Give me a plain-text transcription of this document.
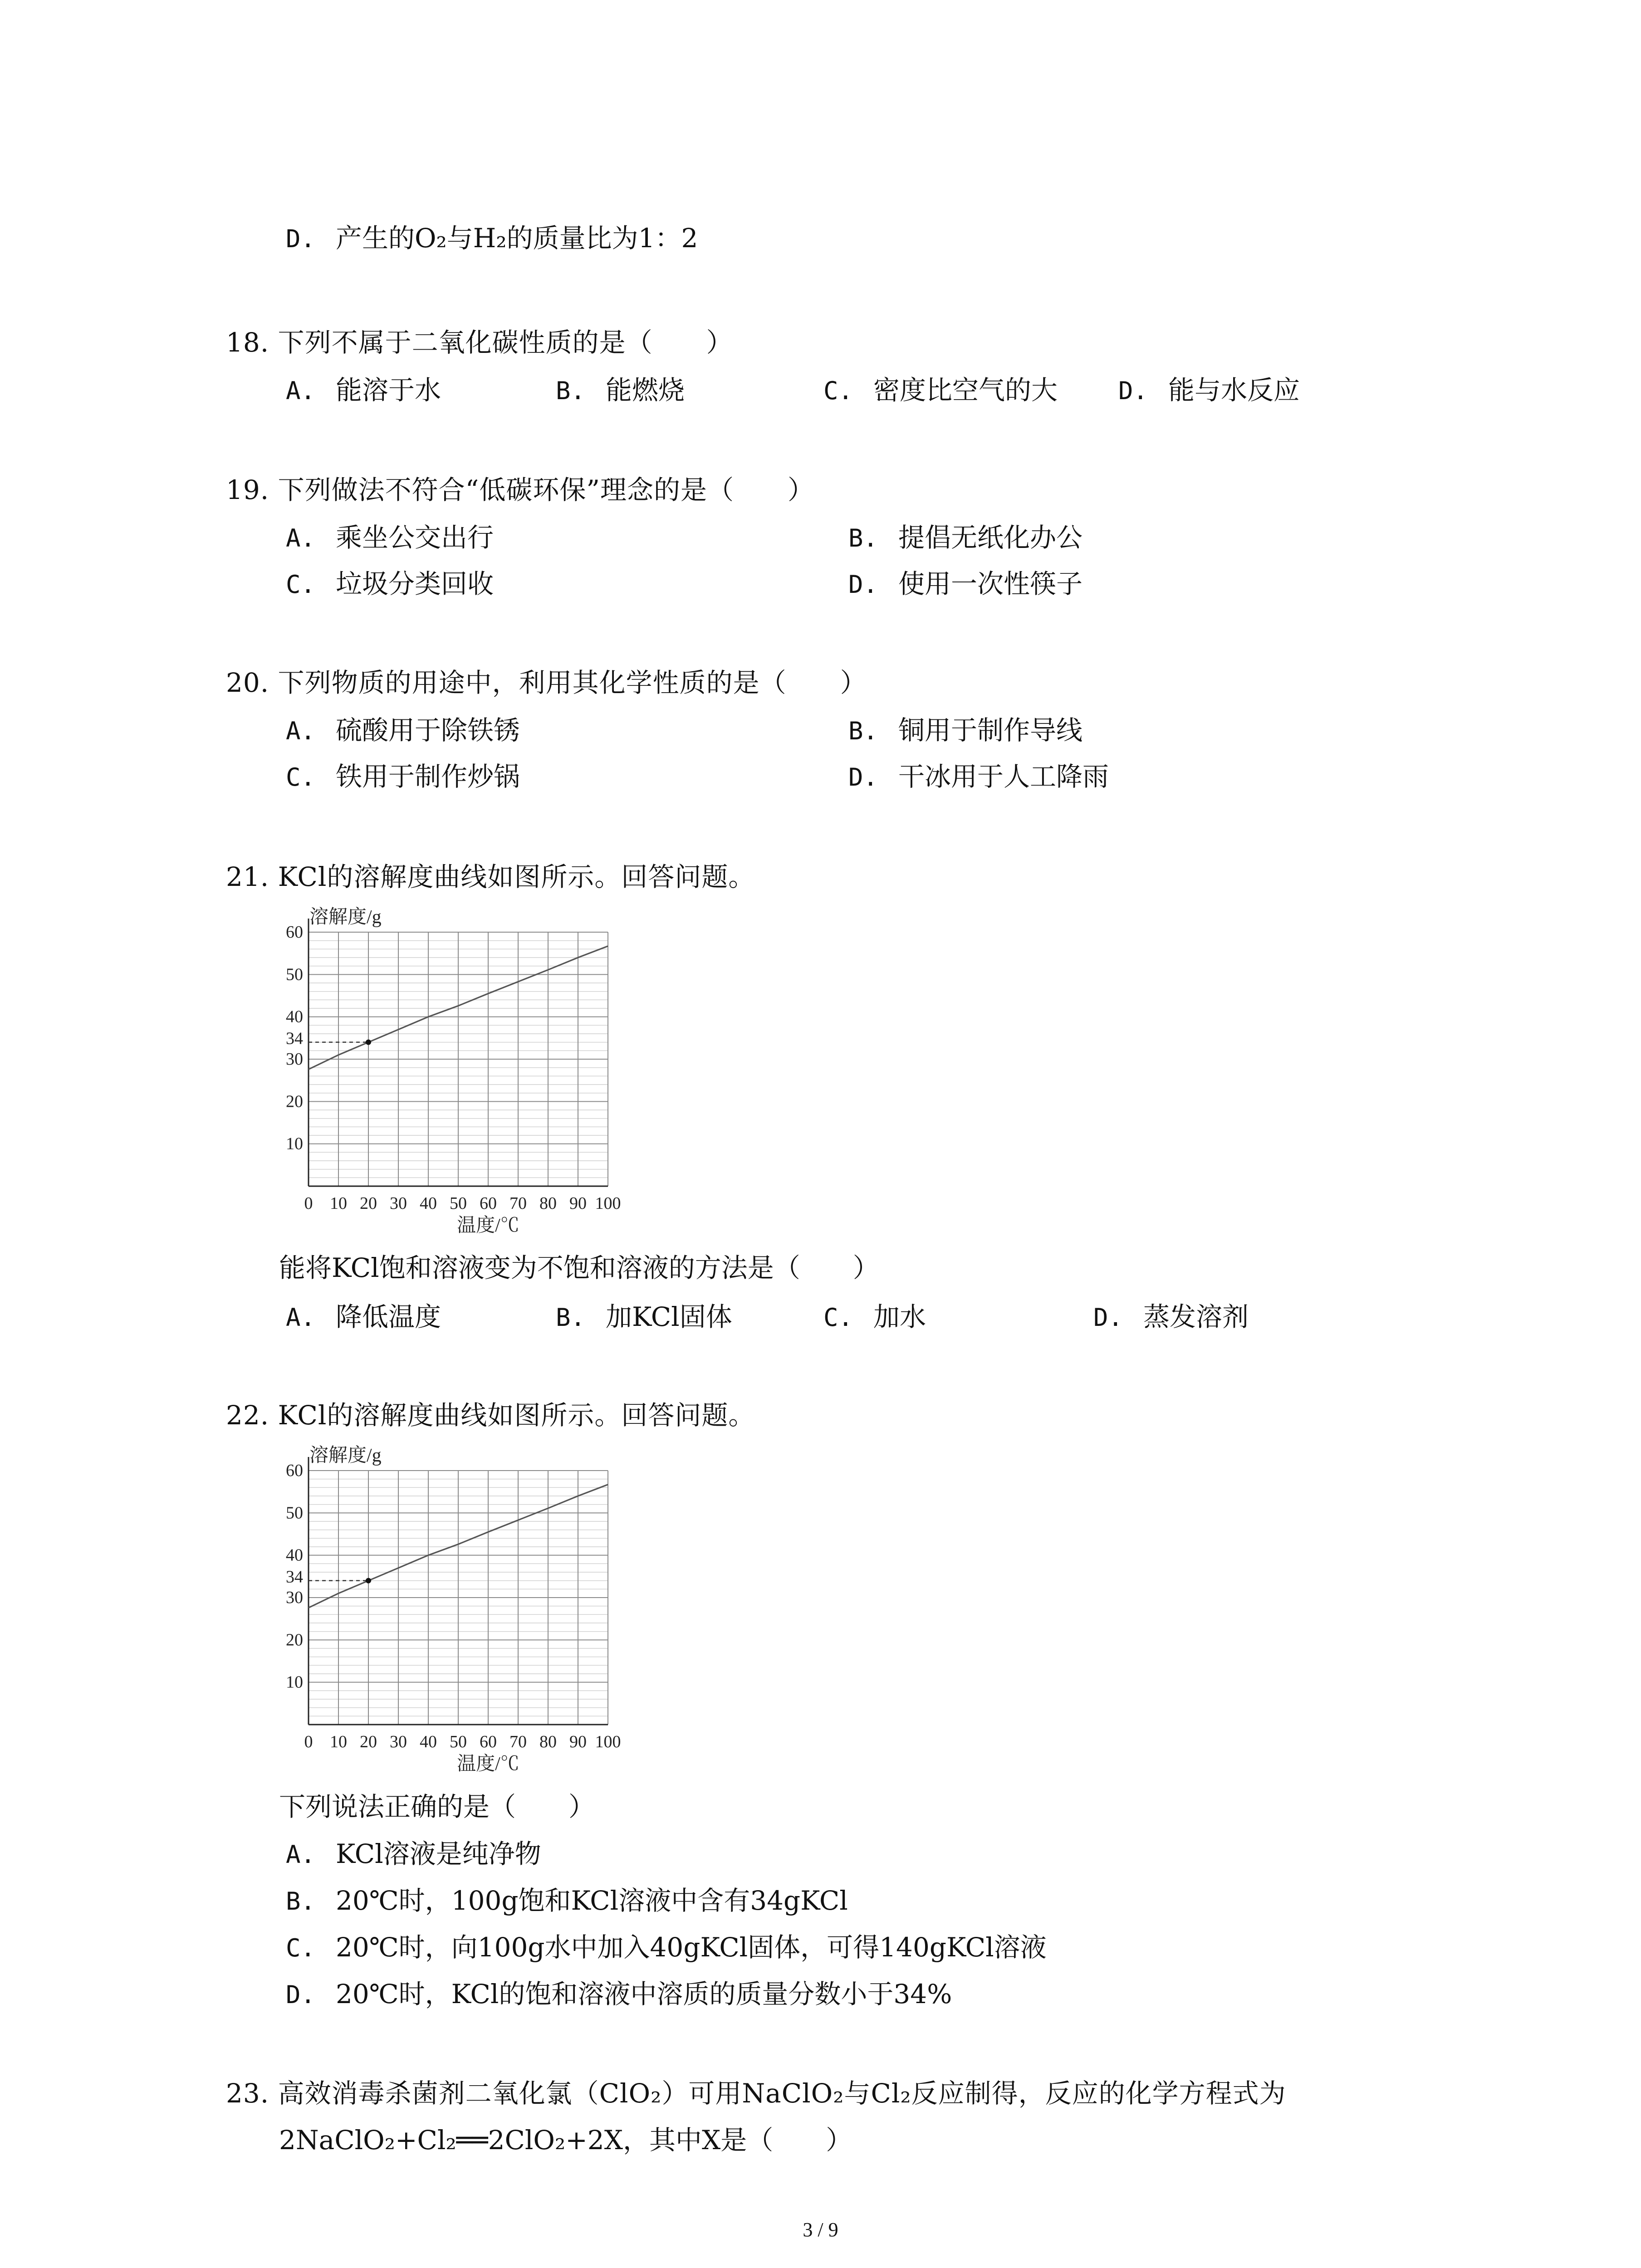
D. 产生的O₂与H₂的质量比为1：2
18. 下列不属于二氧化碳性质的是（　　）
A. 能溶于水	B. 能燃烧	C. 密度比空气的大 D. 能与水反应
19. 下列做法不符合“低碳环保”理念的是（　　）
A. 乘坐公交出行	B. 提倡无纸化办公
C. 垃圾分类回收	D. 使用一次性筷子
20. 下列物质的用途中，利用其化学性质的是（　　）
A. 硫酸用于除铁锈	B. 铜用于制作导线
C. 铁用于制作炒锅	D. 干冰用于人工降雨
21. KCl的溶解度曲线如图所示。回答问题。
10
20
30
40
50
60
34
0 10 20 30 40 50 60 70 80 90 100
溶解度/g
温度/℃
能将KCl饱和溶液变为不饱和溶液的方法是（　　）
A. 降低温度	B. 加KCl固体	C. 加水	D. 蒸发溶剂
22. KCl的溶解度曲线如图所示。回答问题。
10
20
30
40
50
60
34
0 10 20 30 40 50 60 70 80 90 100
溶解度/g
温度/℃
下列说法正确的是（　　）
A. KCl溶液是纯净物
B. 20℃时，100g饱和KCl溶液中含有34gKCl
C. 20℃时，向100g水中加入40gKCl固体，可得140gKCl溶液
D. 20℃时，KCl的饱和溶液中溶质的质量分数小于34%
23. 高效消毒杀菌剂二氧化氯（ClO₂）可用NaClO₂与Cl₂反应制得，反应的化学方程式为
2NaClO₂+Cl₂══2ClO₂+2X，其中X是（　　）
3 / 9
